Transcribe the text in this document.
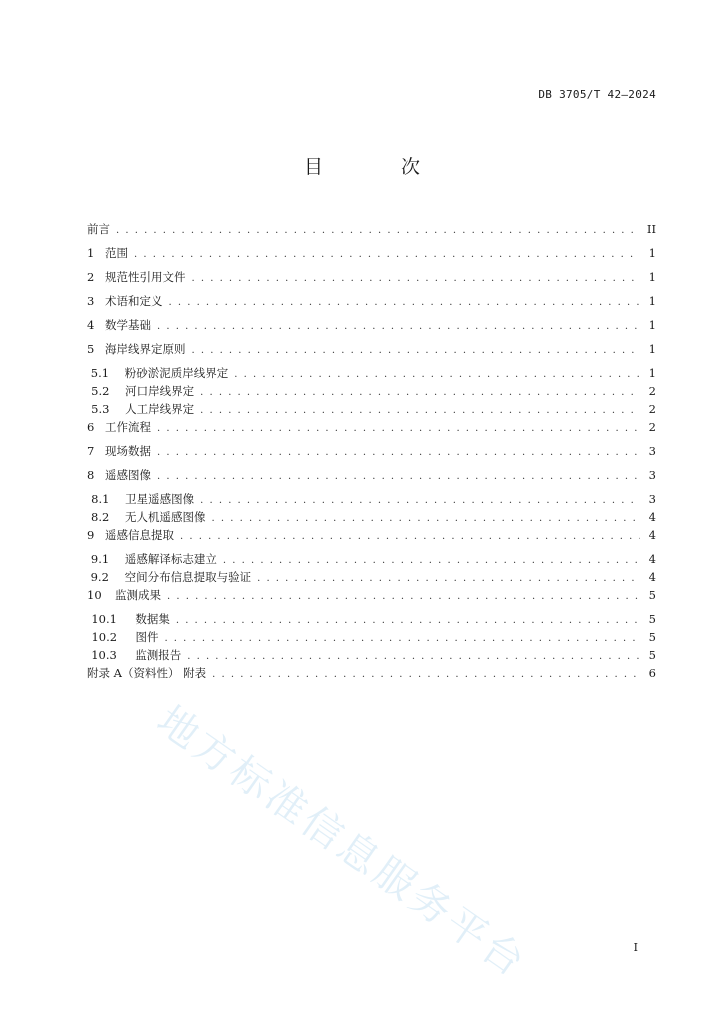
DB 3705/T 42—2024
目 次
前言 . . .	II
1 范围 . . .	1
2 规范性引用文件 . . .	1
3 术语和定义 . . .	1
4 数学基础 . . .	1
5 海岸线界定原则 . . .	1
5.1	粉砂淤泥质岸线界定 . . .	1
5.2	河口岸线界定 . . .	2
5.3	人工岸线界定 . . .	2
6 工作流程 . . .	2
7 现场数据 . . .	3
8 遥感图像 . . .	3
8.1	卫星遥感图像 . . .	3
8.2	无人机遥感图像 . . .	4
9 遥感信息提取 . . .	4
9.1	遥感解译标志建立 . . .	4
9.2	空间分布信息提取与验证 . . .	4
10	监测成果 . . .	5
10.1	数据集 . . .	5
10.2	图件 . . .	5
10.3	监测报告 . . .	5
附录 A（资料性） 附表 . . .	6
I
地方标准信息服务平台
